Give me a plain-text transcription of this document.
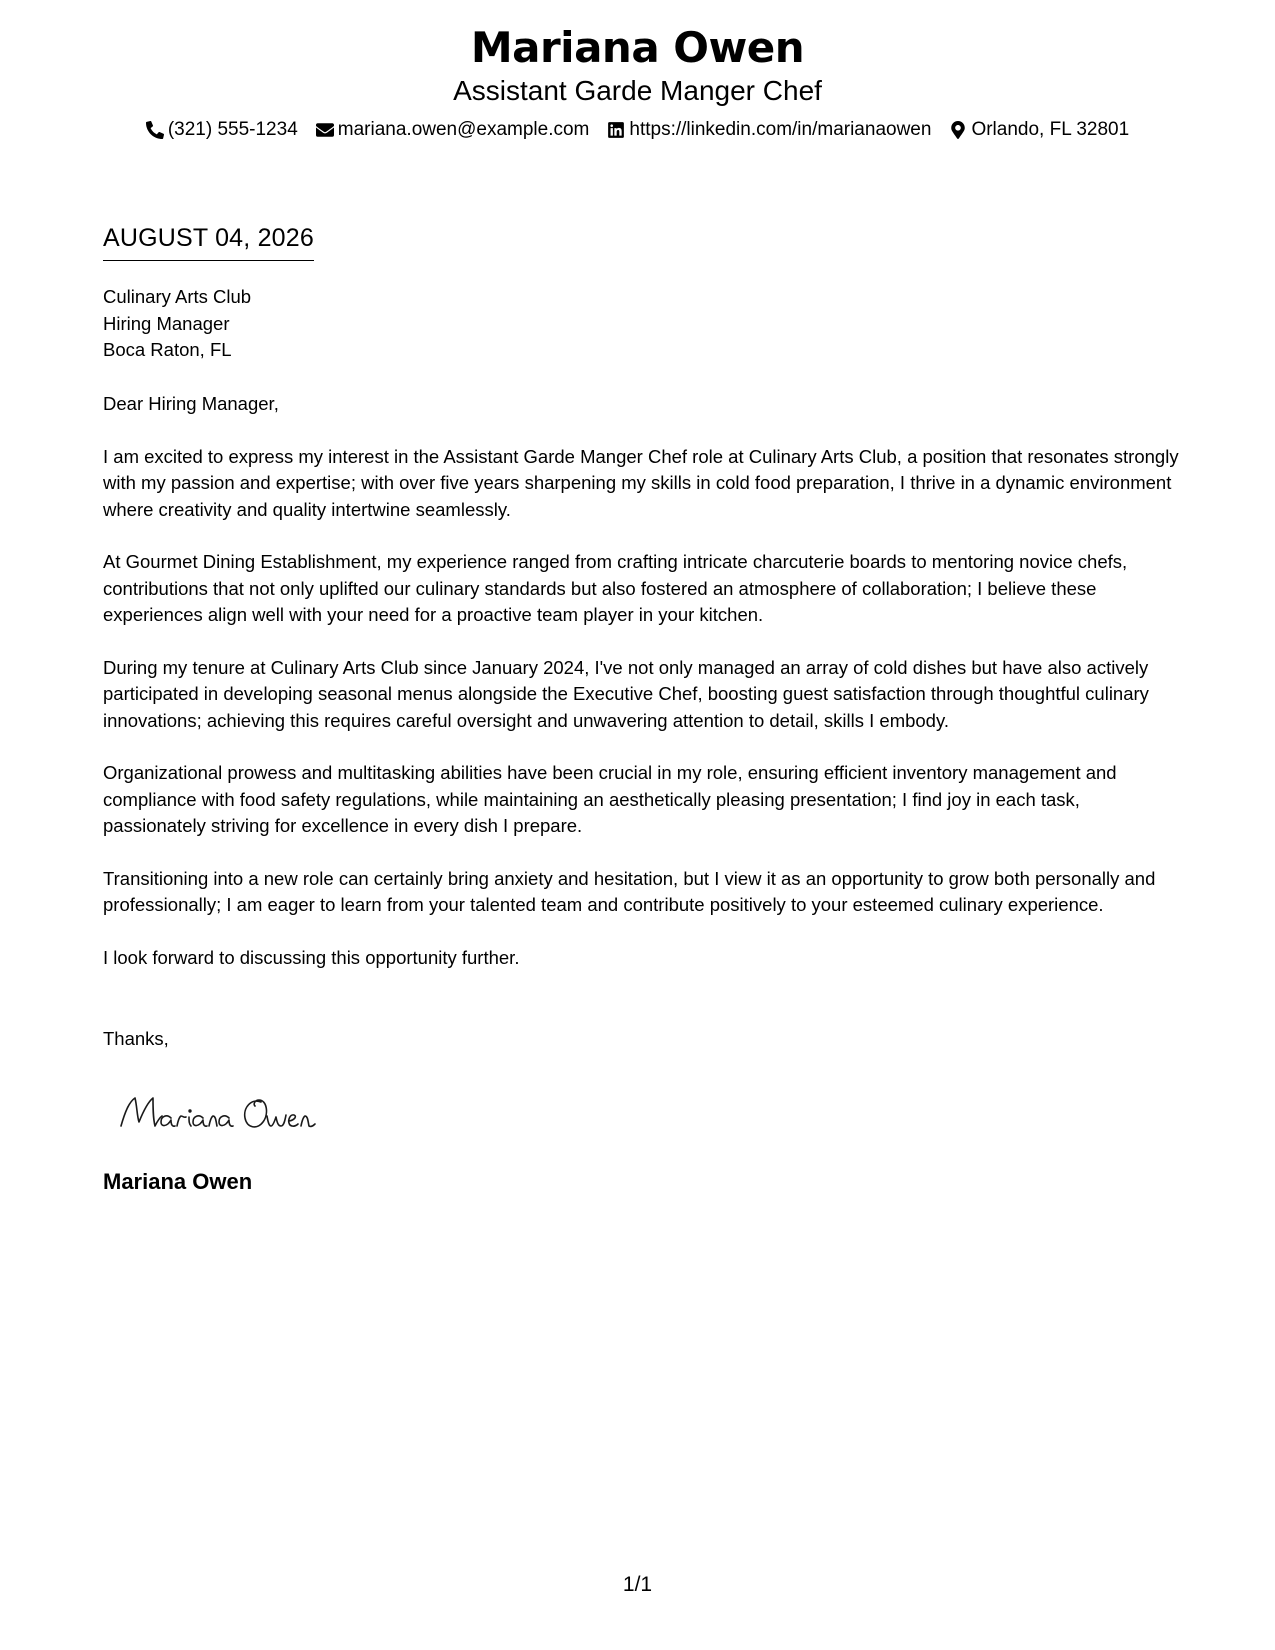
Mariana Owen
Assistant Garde Manger Chef
(321) 555-1234 mariana.owen@example.com https://linkedin.com/in/marianaowen Orlando, FL 32801
AUGUST 04, 2026
Culinary Arts Club
Hiring Manager
Boca Raton, FL

Dear Hiring Manager,

I am excited to express my interest in the Assistant Garde Manger Chef role at Culinary Arts Club, a position that resonates strongly with my passion and expertise; with over five years sharpening my skills in cold food preparation, I thrive in a dynamic environment where creativity and quality intertwine seamlessly.

At Gourmet Dining Establishment, my experience ranged from crafting intricate charcuterie boards to mentoring novice chefs, contributions that not only uplifted our culinary standards but also fostered an atmosphere of collaboration; I believe these experiences align well with your need for a proactive team player in your kitchen.

During my tenure at Culinary Arts Club since January 2024, I've not only managed an array of cold dishes but have also actively participated in developing seasonal menus alongside the Executive Chef, boosting guest satisfaction through thoughtful culinary innovations; achieving this requires careful oversight and unwavering attention to detail, skills I embody.

Organizational prowess and multitasking abilities have been crucial in my role, ensuring efficient inventory management and compliance with food safety regulations, while maintaining an aesthetically pleasing presentation; I find joy in each task, passionately striving for excellence in every dish I prepare.

Transitioning into a new role can certainly bring anxiety and hesitation, but I view it as an opportunity to grow both personally and professionally; I am eager to learn from your talented team and contribute positively to your esteemed culinary experience.

I look forward to discussing this opportunity further.

Thanks,
Mariana Owen
1/1
